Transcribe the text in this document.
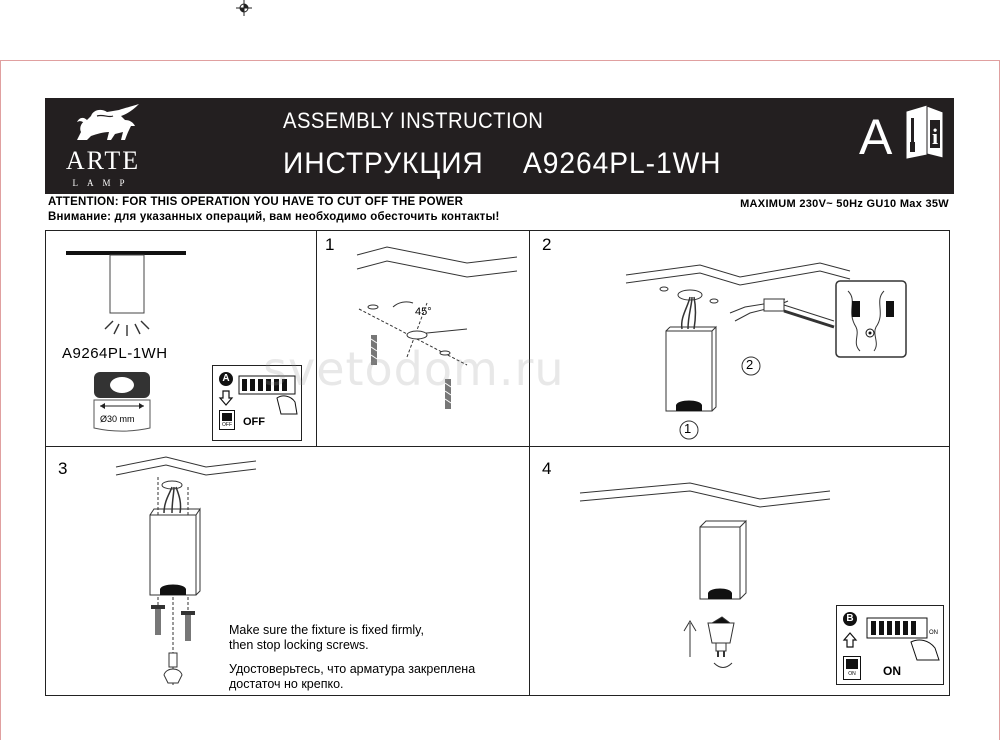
ARTE
LAMP
ASSEMBLY INSTRUCTION
ИНСТРУКЦИЯ A9264PL-1WH	A i
ATTENTION: FOR THIS OPERATION YOU HAVE TO CUT OFF THE POWER
Внимание: для указанных операций, вам необходимо обесточить контакты!
MAXIMUM 230V~ 50Hz GU10 Max 35W
A9264PL-1WH
Ø30 mm
A
OFF OFF
1
45°
2
1
2
3
Make sure the fixture is fixed firmly,
then stop locking screws.
Удостоверьтесь, что арматура закреплена
достаточ но крепко.
4
B
ON
ON	ON
svetodom.ru
